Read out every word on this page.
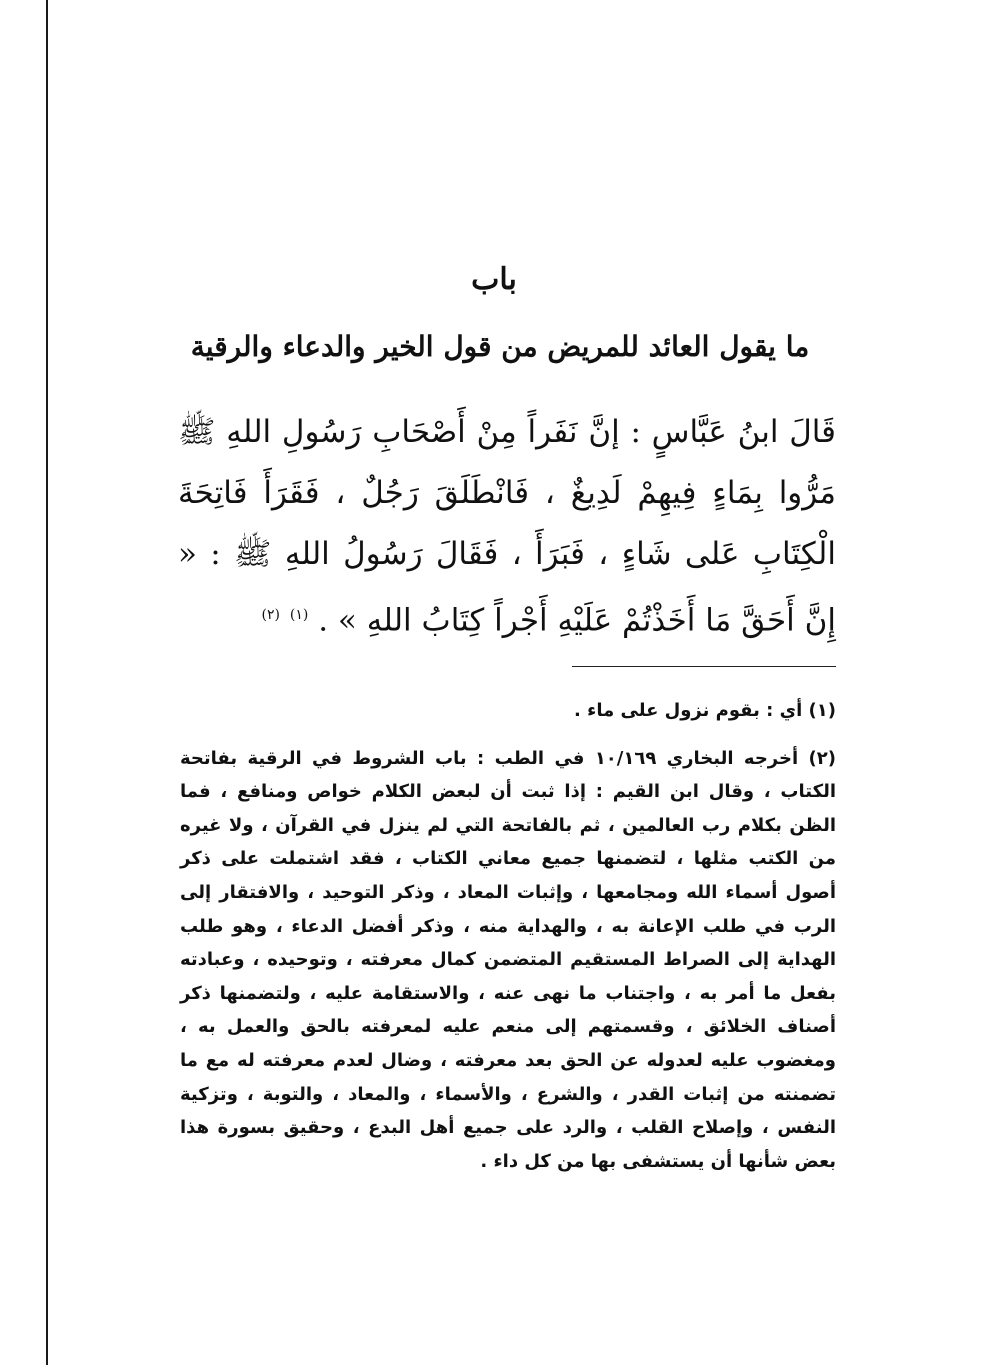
باب
ما يقول العائد للمريض من قول الخير والدعاء والرقية
قَالَ ابنُ عَبَّاسٍ : إنَّ نَفَراً مِنْ أَصْحَابِ رَسُولِ اللهِ ﷺ مَرُّوا بِمَاءٍ فِيهِمْ لَدِيغٌ ، فَانْطَلَقَ رَجُلٌ ، فَقَرَأَ فَاتِحَةَ الْكِتَابِ عَلى شَاءٍ ، فَبَرَأَ ، فَقَالَ رَسُولُ اللهِ ﷺ : « إِنَّ أَحَقَّ مَا أَخَذْتُمْ عَلَيْهِ أَجْراً كِتَابُ اللهِ » . $^{(١)}$ $^{(٢)}$

(١) أي : بقوم نزول على ماء .

(٢) أخرجه البخاري ١٠/١٦٩ في الطب : باب الشروط في الرقية بفاتحة الكتاب ، وقال ابن القيم : إذا ثبت أن لبعض الكلام خواص ومنافع ، فما الظن بكلام رب العالمين ، ثم بالفاتحة التي لم ينزل في القرآن ، ولا غيره من الكتب مثلها ، لتضمنها جميع معاني الكتاب ، فقد اشتملت على ذكر أصول أسماء الله ومجامعها ، وإثبات المعاد ، وذكر التوحيد ، والافتقار إلى الرب في طلب الإعانة به ، والهداية منه ، وذكر أفضل الدعاء ، وهو طلب الهداية إلى الصراط المستقيم المتضمن كمال معرفته ، وتوحيده ، وعبادته بفعل ما أمر به ، واجتناب ما نهى عنه ، والاستقامة عليه ، ولتضمنها ذكر أصناف الخلائق ، وقسمتهم إلى منعم عليه لمعرفته بالحق والعمل به ، ومغضوب عليه لعدوله عن الحق بعد معرفته ، وضال لعدم معرفته له مع ما تضمنته من إثبات القدر ، والشرع ، والأسماء ، والمعاد ، والتوبة ، وتزكية النفس ، وإصلاح القلب ، والرد على جميع أهل البدع ، وحقيق بسورة هذا بعض شأنها أن يستشفى بها من كل داء .
